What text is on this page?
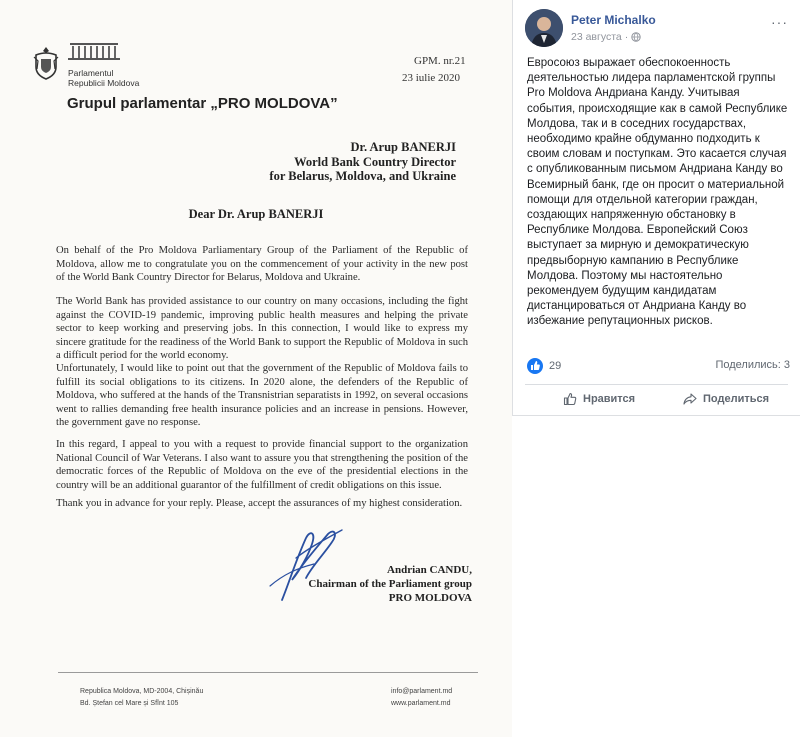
Parlamentul
Republicii Moldova
GPM. nr.21
23 iulie 2020
Grupul parlamentar „PRO MOLDOVA”
Dr. Arup BANERJI
World Bank Country Director
for Belarus, Moldova, and Ukraine
Dear Dr. Arup BANERJI

On behalf of the Pro Moldova Parliamentary Group of the Parliament of the Republic of Moldova, allow me to congratulate you on the commencement of your activity in the new post of the World Bank Country Director for Belarus, Moldova and Ukraine.

The World Bank has provided assistance to our country on many occasions, including the fight against the COVID-19 pandemic, improving public health measures and helping the private sector to keep working and preserving jobs. In this connection, I would like to express my sincere gratitude for the readiness of the World Bank to support the Republic of Moldova in such a difficult period for the world economy.

Unfortunately, I would like to point out that the government of the Republic of Moldova fails to fulfill its social obligations to its citizens. In 2020 alone, the defenders of the Republic of Moldova, who suffered at the hands of the Transnistrian separatists in 1992, on several occasions went to rallies demanding free health insurance policies and an increase in pensions. However, the government gave no response.

In this regard, I appeal to you with a request to provide financial support to the organization National Council of War Veterans. I also want to assure you that strengthening the position of the democratic forces of the Republic of Moldova on the eve of the presidential elections in the country will be an additional guarantor of the fulfillment of credit obligations on this issue.

Thank you in advance for your reply. Please, accept the assurances of my highest consideration.

Andrian CANDU,
Chairman of the Parliament group
PRO MOLDOVA
Republica Moldova, MD-2004, Chișinău
Bd. Ștefan cel Mare și Sfînt 105
info@parlament.md
www.parlament.md
Peter Michalko
23 августа ·
···
Евросоюз выражает обеспокоенность деятельностью лидера парламентской группы Pro Moldova Андриана Канду. Учитывая события, происходящие как в самой Республике Молдова, так и в соседних государствах, необходимо крайне обдуманно подходить к своим словам и поступкам. Это касается случая с опубликованным письмом Андриана Канду во Всемирный банк, где он просит о материальной помощи для отдельной категории граждан, создающих напряженную обстановку в Республике Молдова. Европейский Союз выступает за мирную и демократическую предвыборную кампанию в Республике Молдова. Поэтому мы настоятельно рекомендуем будущим кандидатам дистанцироваться от Андриана Канду во избежание репутационных рисков.
29	Поделились: 3
Нравится	Поделиться
